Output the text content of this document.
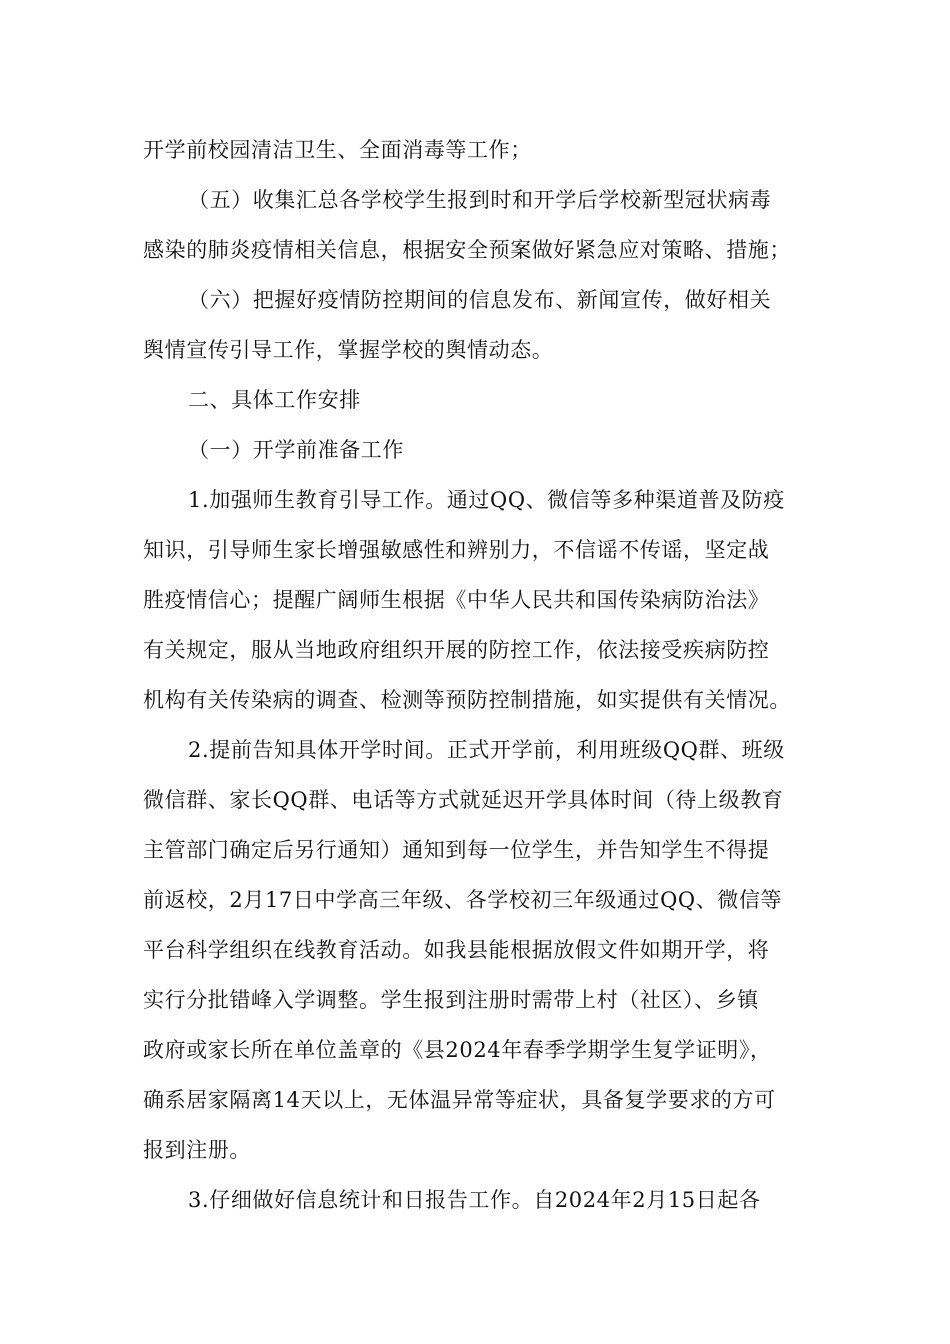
开学前校园清洁卫生、全面消毒等工作；
（五）收集汇总各学校学生报到时和开学后学校新型冠状病毒
感染的肺炎疫情相关信息，根据安全预案做好紧急应对策略、措施；
（六）把握好疫情防控期间的信息发布、新闻宣传，做好相关
舆情宣传引导工作，掌握学校的舆情动态。
二、具体工作安排
（一）开学前准备工作
1.加强师生教育引导工作。通过QQ、微信等多种渠道普及防疫
知识，引导师生家长增强敏感性和辨别力，不信谣不传谣，坚定战
胜疫情信心；提醒广阔师生根据《中华人民共和国传染病防治法》
有关规定，服从当地政府组织开展的防控工作，依法接受疾病防控
机构有关传染病的调查、检测等预防控制措施，如实提供有关情况。
2.提前告知具体开学时间。正式开学前，利用班级QQ群、班级
微信群、家长QQ群、电话等方式就延迟开学具体时间（待上级教育
主管部门确定后另行通知）通知到每一位学生，并告知学生不得提
前返校，2月17日中学高三年级、各学校初三年级通过QQ、微信等
平台科学组织在线教育活动。如我县能根据放假文件如期开学，将
实行分批错峰入学调整。学生报到注册时需带上村（社区）、乡镇
政府或家长所在单位盖章的《县2024年春季学期学生复学证明》，
确系居家隔离14天以上，无体温异常等症状，具备复学要求的方可
报到注册。
3.仔细做好信息统计和日报告工作。自2024年2月15日起各
